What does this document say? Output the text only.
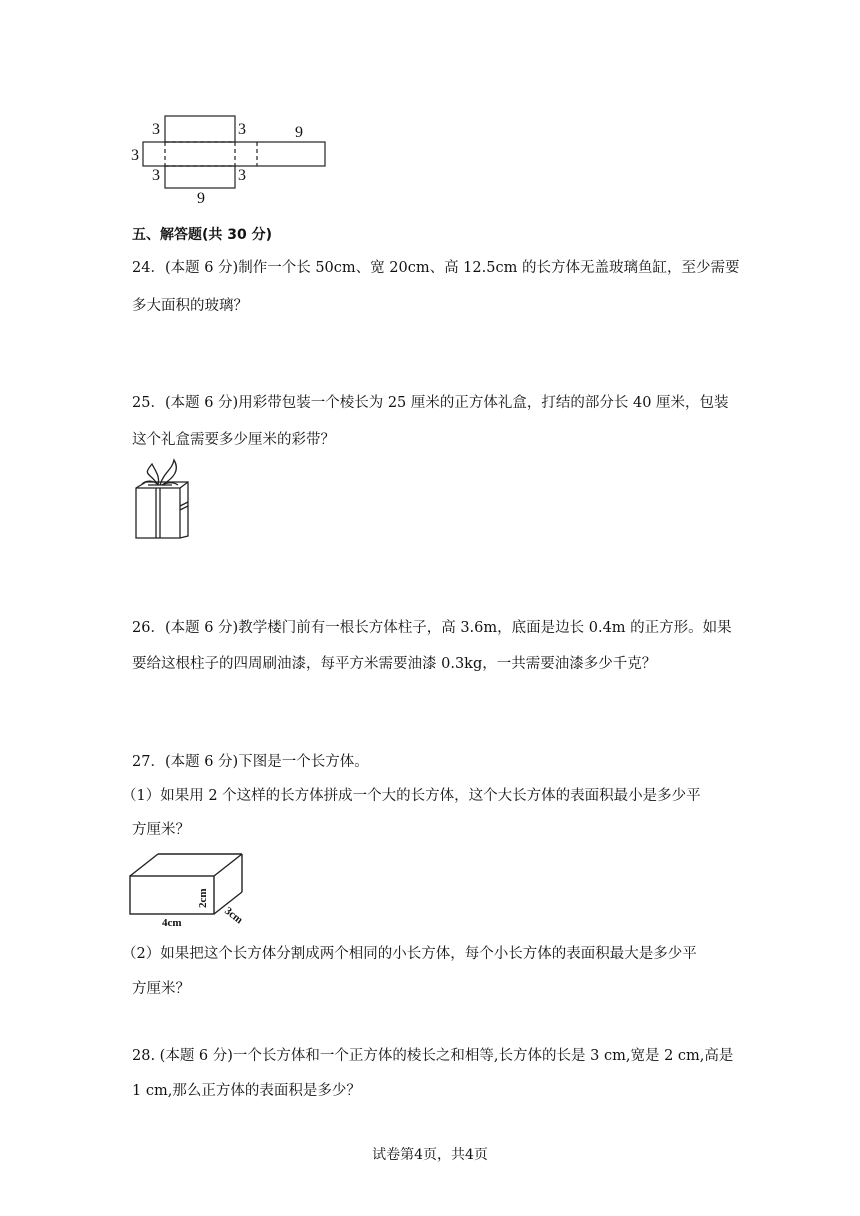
3	3	9
3
3	3
9
五、解答题(共 30 分)
24．(本题 6 分)制作一个长 50cm、宽 20cm、高 12.5cm 的长方体无盖玻璃鱼缸，至少需要
多大面积的玻璃？
25．(本题 6 分)用彩带包装一个棱长为 25 厘米的正方体礼盒，打结的部分长 40 厘米，包装
这个礼盒需要多少厘米的彩带？
26．(本题 6 分)教学楼门前有一根长方体柱子，高 3.6m，底面是边长 0.4m 的正方形。如果
要给这根柱子的四周刷油漆，每平方米需要油漆 0.3kg，一共需要油漆多少千克？
27．(本题 6 分)下图是一个长方体。
（1）如果用 2 个这样的长方体拼成一个大的长方体，这个大长方体的表面积最小是多少平
方厘米？
4cm
2cm
3cm
（2）如果把这个长方体分割成两个相同的小长方体，每个小长方体的表面积最大是多少平
方厘米？
28. (本题 6 分)一个长方体和一个正方体的棱长之和相等,长方体的长是 3 cm,宽是 2 cm,高是
1 cm,那么正方体的表面积是多少？
试卷第4页，共4页
